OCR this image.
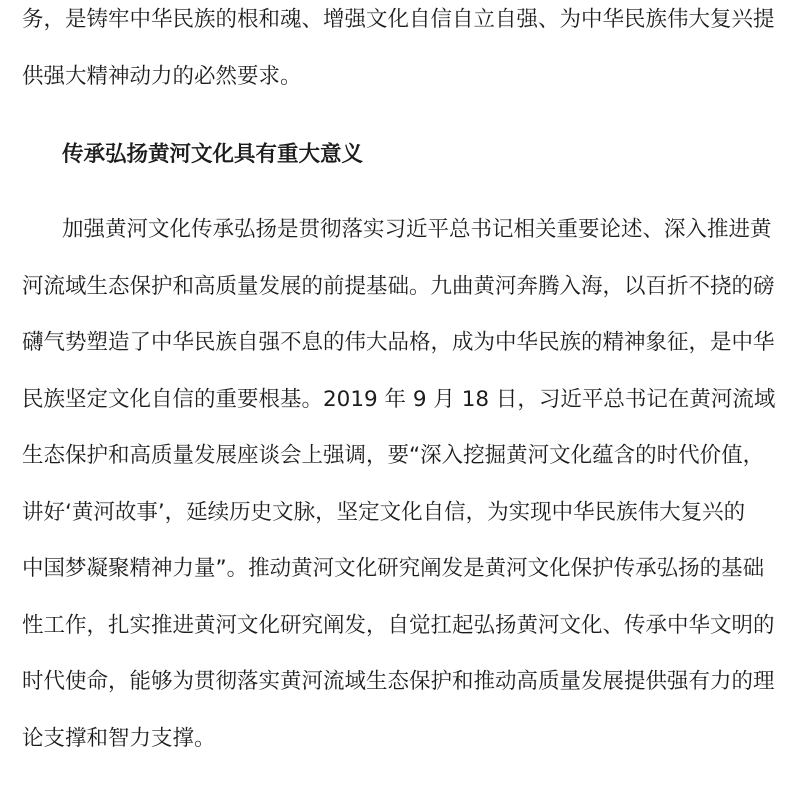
务，是铸牢中华民族的根和魂、增强文化自信自立自强、为中华民族伟大复兴提
供强大精神动力的必然要求。
传承弘扬黄河文化具有重大意义
加强黄河文化传承弘扬是贯彻落实习近平总书记相关重要论述、深入推进黄
河流域生态保护和高质量发展的前提基础。九曲黄河奔腾入海，以百折不挠的磅
礴气势塑造了中华民族自强不息的伟大品格，成为中华民族的精神象征，是中华
民族坚定文化自信的重要根基。2019 年 9 月 18 日，习近平总书记在黄河流域
生态保护和高质量发展座谈会上强调，要“深入挖掘黄河文化蕴含的时代价值，
讲好‘黄河故事’，延续历史文脉，坚定文化自信，为实现中华民族伟大复兴的
中国梦凝聚精神力量”。推动黄河文化研究阐发是黄河文化保护传承弘扬的基础
性工作，扎实推进黄河文化研究阐发，自觉扛起弘扬黄河文化、传承中华文明的
时代使命，能够为贯彻落实黄河流域生态保护和推动高质量发展提供强有力的理
论支撑和智力支撑。
